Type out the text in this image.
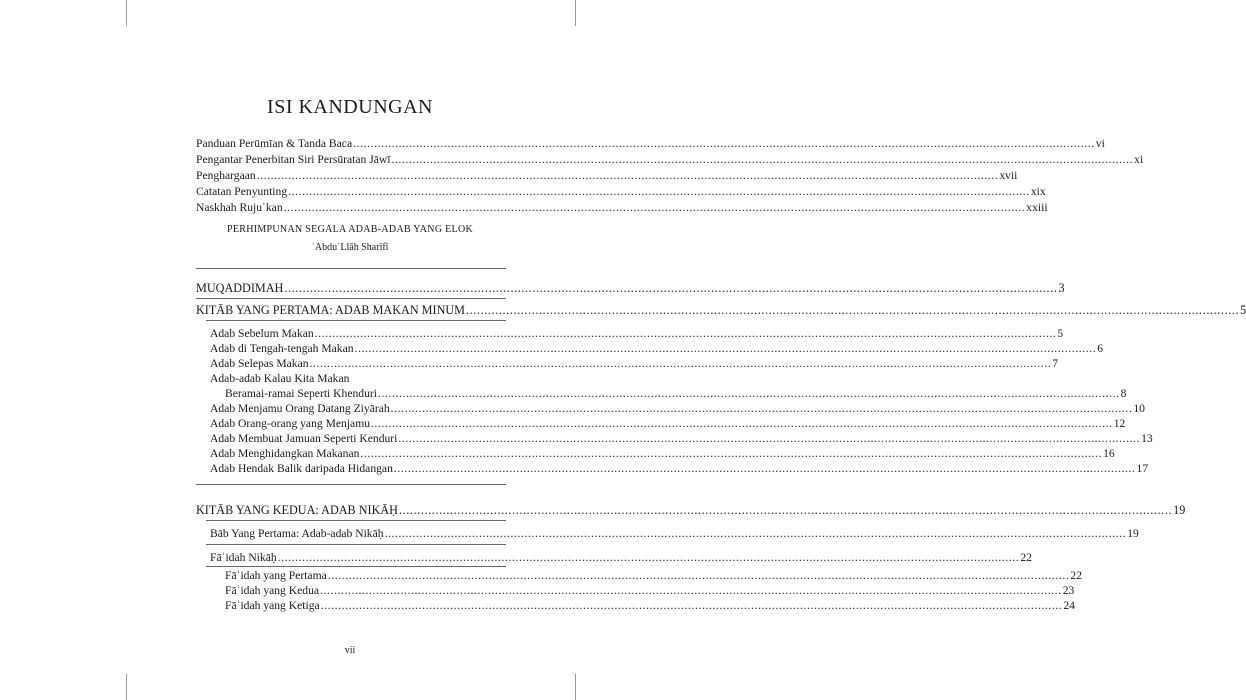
ISI KANDUNGAN
Panduan Perūmīan & Tanda Baca .....	vi
Pengantar Penerbitan Siri Persūratan Jāwī .....	xi
Penghargaan .....	xvii
Catatan Penyunting .....	xix
Naskhah Rujuʿkan .....	xxiii
PERHIMPUNAN SEGALA ADAB-ADAB YANG ELOK
ʿAbduʾLlāh Sharīfī
MUQADDIMAH .....	3
KITĀB YANG PERTAMA: ADAB MAKAN MINUM .....	5
Adab Sebelum Makan .....	5
Adab di Tengah-tengah Makan .....	6
Adab Selepas Makan .....	7
Adab-adab Kalau Kita Makan
Beramai-ramai Seperti Khenduri .....	8
Adab Menjamu Orang Datang Ziyārah .....	10
Adab Orang-orang yang Menjamu .....	12
Adab Membuat Jamuan Seperti Kenduri .....	13
Adab Menghidangkan Makanan .....	16
Adab Hendak Balik daripada Hidangan .....	17
KITĀB YANG KEDUA: ADAB NIKĀḤ .....	19
Bāb Yang Pertama: Adab-adab Nikāḥ .....	19
Fāʾidah Nikāḥ .....	22
Fāʾidah yang Pertama .....	22
Fāʾidah yang Kedua .....	23
Fāʾidah yang Ketiga .....	24
vii
